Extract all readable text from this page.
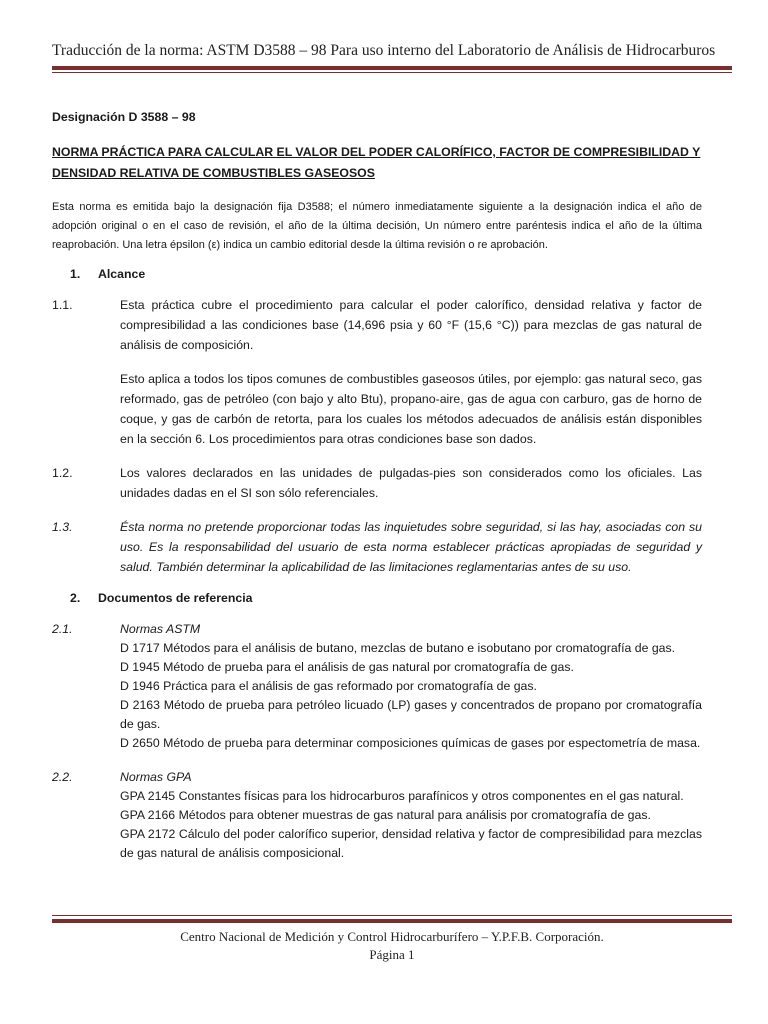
Traducción de la norma: ASTM D3588 – 98 Para uso interno del Laboratorio de Análisis de Hidrocarburos

Designación D 3588 – 98

NORMA PRÁCTICA PARA CALCULAR EL VALOR DEL PODER CALORÍFICO, FACTOR DE COMPRESIBILIDAD Y DENSIDAD RELATIVA DE COMBUSTIBLES GASEOSOS

Esta norma es emitida bajo la designación fija D3588; el número inmediatamente siguiente a la designación indica el año de adopción original o en el caso de revisión, el año de la última decisión, Un número entre paréntesis indica el año de la última reaprobación. Una letra épsilon (ε) indica un cambio editorial desde la última revisión o re aprobación.

1. Alcance
1.1.	Esta práctica cubre el procedimiento para calcular el poder calorífico, densidad relativa y factor de compresibilidad a las condiciones base (14,696 psia y 60 °F (15,6 °C)) para mezclas de gas natural de análisis de composición.

Esto aplica a todos los tipos comunes de combustibles gaseosos útiles, por ejemplo: gas natural seco, gas reformado, gas de petróleo (con bajo y alto Btu), propano-aire, gas de agua con carburo, gas de horno de coque, y gas de carbón de retorta, para los cuales los métodos adecuados de análisis están disponibles en la sección 6. Los procedimientos para otras condiciones base son dados.

1.2.	Los valores declarados en las unidades de pulgadas-pies son considerados como los oficiales. Las unidades dadas en el SI son sólo referenciales.

1.3.	Ésta norma no pretende proporcionar todas las inquietudes sobre seguridad, si las hay, asociadas con su uso. Es la responsabilidad del usuario de esta norma establecer prácticas apropiadas de seguridad y salud. También determinar la aplicabilidad de las limitaciones reglamentarias antes de su uso.

2. Documentos de referencia
2.1.	Normas ASTM
D 1717 Métodos para el análisis de butano, mezclas de butano e isobutano por cromatografía de gas.
D 1945 Método de prueba para el análisis de gas natural por cromatografía de gas.
D 1946 Práctica para el análisis de gas reformado por cromatografía de gas.
D 2163 Método de prueba para petróleo licuado (LP) gases y concentrados de propano por cromatografía de gas.
D 2650 Método de prueba para determinar composiciones químicas de gases por espectometría de masa.
2.2.	Normas GPA
GPA 2145 Constantes físicas para los hidrocarburos parafínicos y otros componentes en el gas natural.
GPA 2166 Métodos para obtener muestras de gas natural para análisis por cromatografía de gas.
GPA 2172 Cálculo del poder calorífico superior, densidad relativa y factor de compresibilidad para mezclas de gas natural de análisis composicional.
Centro Nacional de Medición y Control Hidrocarburífero – Y.P.F.B. Corporación.
Página 1
